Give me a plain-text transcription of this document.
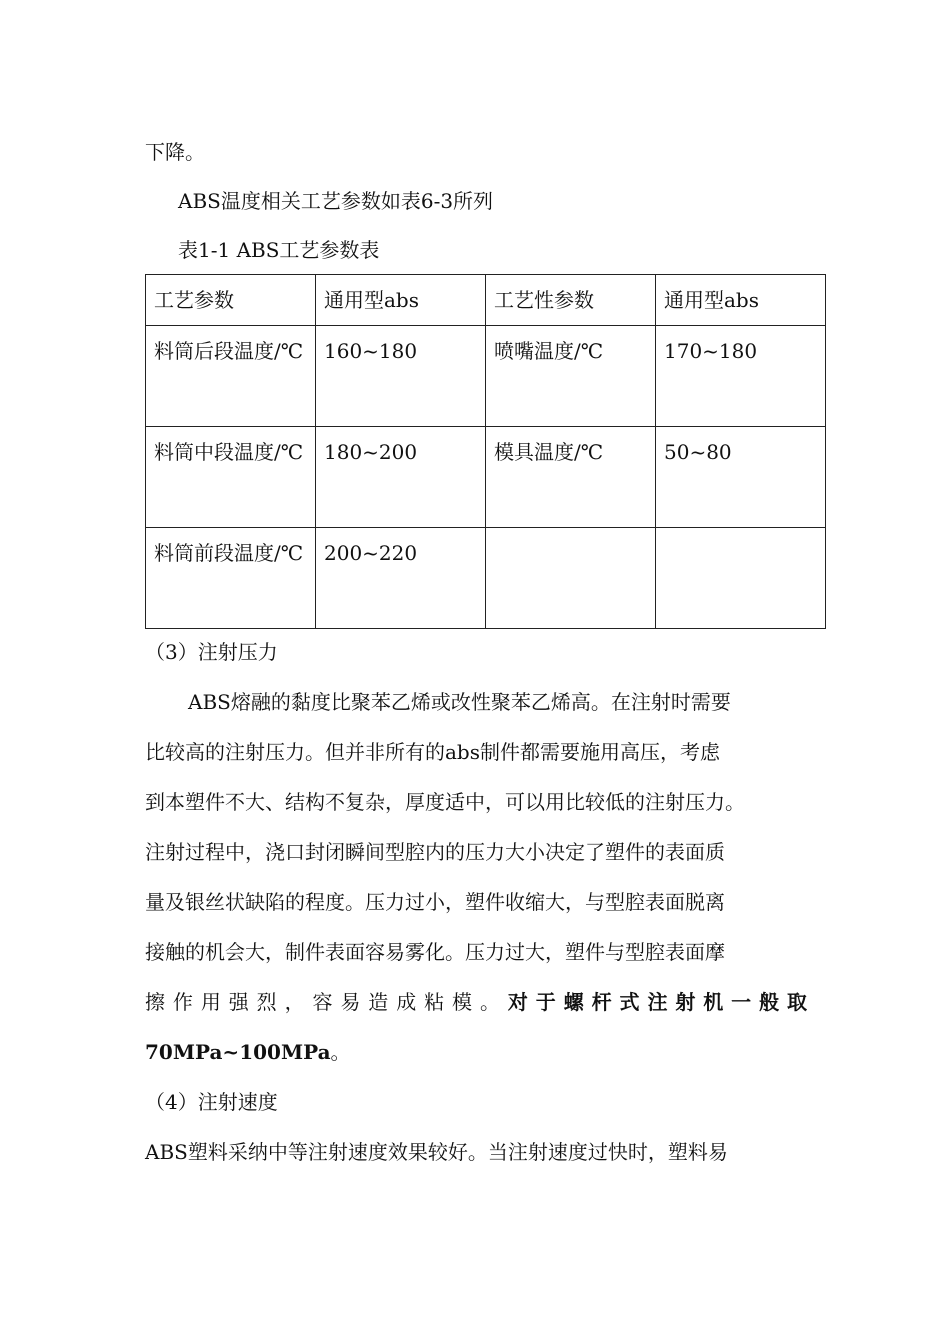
下降。
ABS温度相关工艺参数如表6-3所列
表1-1 ABS工艺参数表
工艺参数	通用型abs	工艺性参数	通用型abs
料筒后段温度/℃	160~180	喷嘴温度/℃	170~180
料筒中段温度/℃	180~200	模具温度/℃	50~80
料筒前段温度/℃	200~220		
（3）注射压力
ABS熔融的黏度比聚苯乙烯或改性聚苯乙烯高。在注射时需要
比较高的注射压力。但并非所有的abs制件都需要施用高压，考虑
到本塑件不大、结构不复杂，厚度适中，可以用比较低的注射压力。
注射过程中，浇口封闭瞬间型腔内的压力大小决定了塑件的表面质
量及银丝状缺陷的程度。压力过小，塑件收缩大，与型腔表面脱离
接触的机会大，制件表面容易雾化。压力过大，塑件与型腔表面摩
擦作用强烈，容易造成粘模。对于螺杆式注射机一般取
70MPa~100MPa。
（4）注射速度
ABS塑料采纳中等注射速度效果较好。当注射速度过快时，塑料易
